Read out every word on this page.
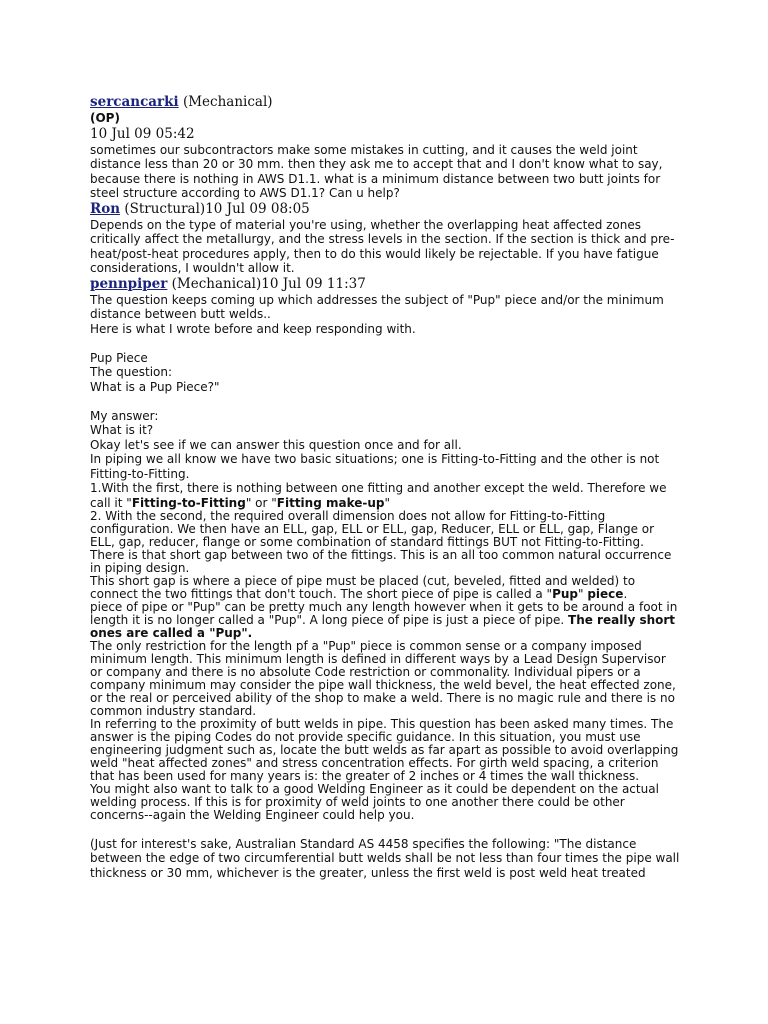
sercancarki (Mechanical)
(OP)
10 Jul 09 05:42
sometimes our subcontractors make some mistakes in cutting, and it causes the weld joint
distance less than 20 or 30 mm. then they ask me to accept that and I don't know what to say,
because there is nothing in AWS D1.1. what is a minimum distance between two butt joints for
steel structure according to AWS D1.1? Can u help?
Ron (Structural)10 Jul 09 08:05
Depends on the type of material you're using, whether the overlapping heat affected zones
critically affect the metallurgy, and the stress levels in the section. If the section is thick and pre-
heat/post-heat procedures apply, then to do this would likely be rejectable. If you have fatigue
considerations, I wouldn't allow it.
pennpiper (Mechanical)10 Jul 09 11:37
The question keeps coming up which addresses the subject of "Pup" piece and/or the minimum
distance between butt welds..
Here is what I wrote before and keep responding with.
Pup Piece
The question:
What is a Pup Piece?"
My answer:
What is it?
Okay let's see if we can answer this question once and for all.
In piping we all know we have two basic situations; one is Fitting-to-Fitting and the other is not
Fitting-to-Fitting.
1.With the first, there is nothing between one fitting and another except the weld. Therefore we
call it "Fitting-to-Fitting" or "Fitting make-up"
2. With the second, the required overall dimension does not allow for Fitting-to-Fitting
configuration. We then have an ELL, gap, ELL or ELL, gap, Reducer, ELL or ELL, gap, Flange or
ELL, gap, reducer, flange or some combination of standard fittings BUT not Fitting-to-Fitting.
There is that short gap between two of the fittings. This is an all too common natural occurrence
in piping design.
This short gap is where a piece of pipe must be placed (cut, beveled, fitted and welded) to
connect the two fittings that don't touch. The short piece of pipe is called a "Pup" piece.
piece of pipe or "Pup" can be pretty much any length however when it gets to be around a foot in
length it is no longer called a "Pup". A long piece of pipe is just a piece of pipe. The really short
ones are called a "Pup".
The only restriction for the length pf a "Pup" piece is common sense or a company imposed
minimum length. This minimum length is defined in different ways by a Lead Design Supervisor
or company and there is no absolute Code restriction or commonality. Individual pipers or a
company minimum may consider the pipe wall thickness, the weld bevel, the heat effected zone,
or the real or perceived ability of the shop to make a weld. There is no magic rule and there is no
common industry standard.
In referring to the proximity of butt welds in pipe. This question has been asked many times. The
answer is the piping Codes do not provide specific guidance. In this situation, you must use
engineering judgment such as, locate the butt welds as far apart as possible to avoid overlapping
weld "heat affected zones" and stress concentration effects. For girth weld spacing, a criterion
that has been used for many years is: the greater of 2 inches or 4 times the wall thickness.
You might also want to talk to a good Welding Engineer as it could be dependent on the actual
welding process. If this is for proximity of weld joints to one another there could be other
concerns--again the Welding Engineer could help you.
(Just for interest's sake, Australian Standard AS 4458 specifies the following: "The distance
between the edge of two circumferential butt welds shall be not less than four times the pipe wall
thickness or 30 mm, whichever is the greater, unless the first weld is post weld heat treated
